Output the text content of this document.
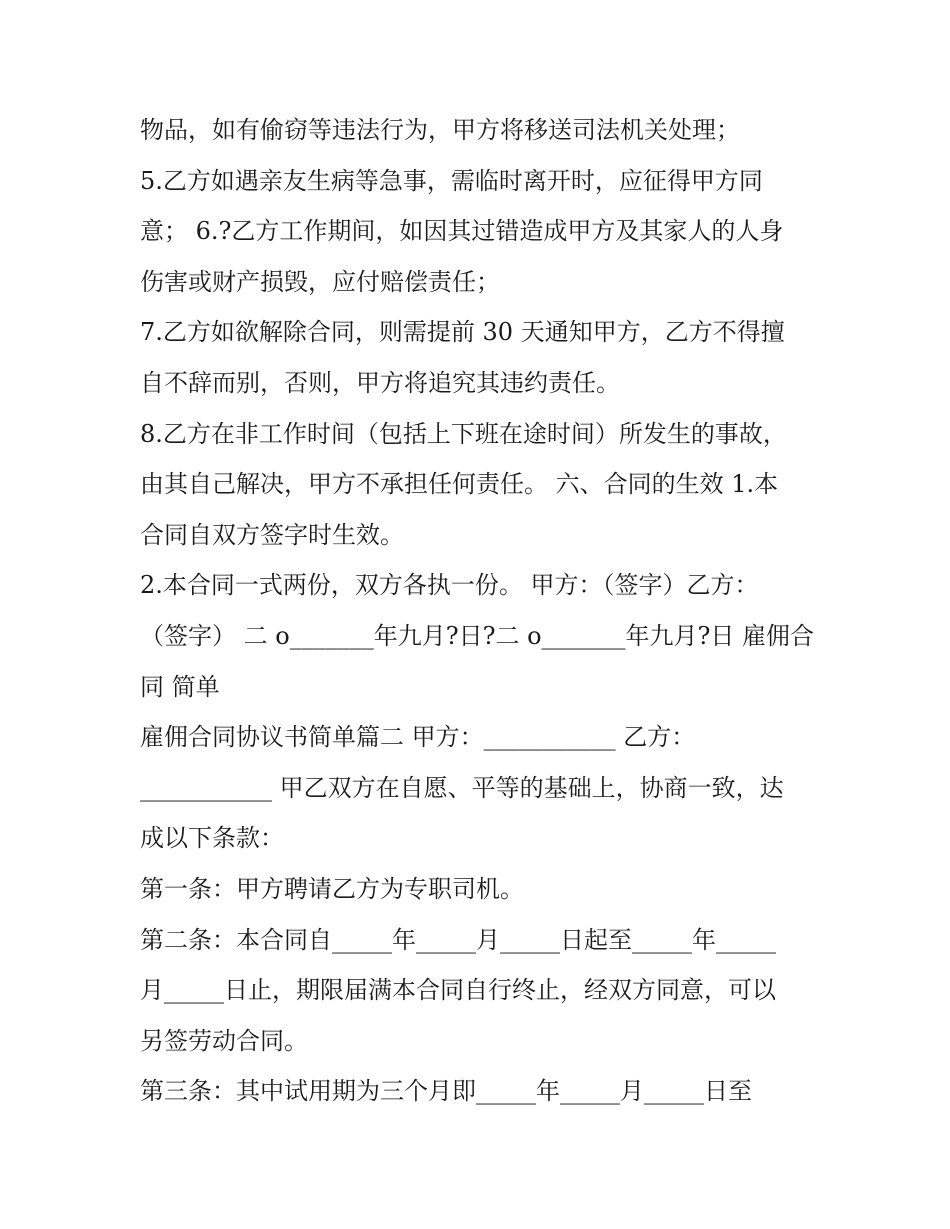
物品，如有偷窃等违法行为，甲方将移送司法机关处理；
5.乙方如遇亲友生病等急事，需临时离开时，应征得甲方同
意； 6.?乙方工作期间，如因其过错造成甲方及其家人的人身
伤害或财产损毁，应付赔偿责任；
7.乙方如欲解除合同，则需提前 30 天通知甲方，乙方不得擅
自不辞而别，否则，甲方将追究其违约责任。
8.乙方在非工作时间（包括上下班在途时间）所发生的事故，
由其自己解决，甲方不承担任何责任。 六、合同的生效 1.本
合同自双方签字时生效。
2.本合同一式两份，双方各执一份。 甲方：（签字）乙方：
（签字） 二 o_______年九月?日?二 o_______年九月?日 雇佣合
同 简单
雇佣合同协议书简单篇二 甲方：___________ 乙方：
___________ 甲乙双方在自愿、平等的基础上，协商一致，达
成以下条款：
第一条：甲方聘请乙方为专职司机。
第二条：本合同自_____年_____月_____日起至_____年_____
月_____日止，期限届满本合同自行终止，经双方同意，可以
另签劳动合同。
第三条：其中试用期为三个月即_____年_____月_____日至
